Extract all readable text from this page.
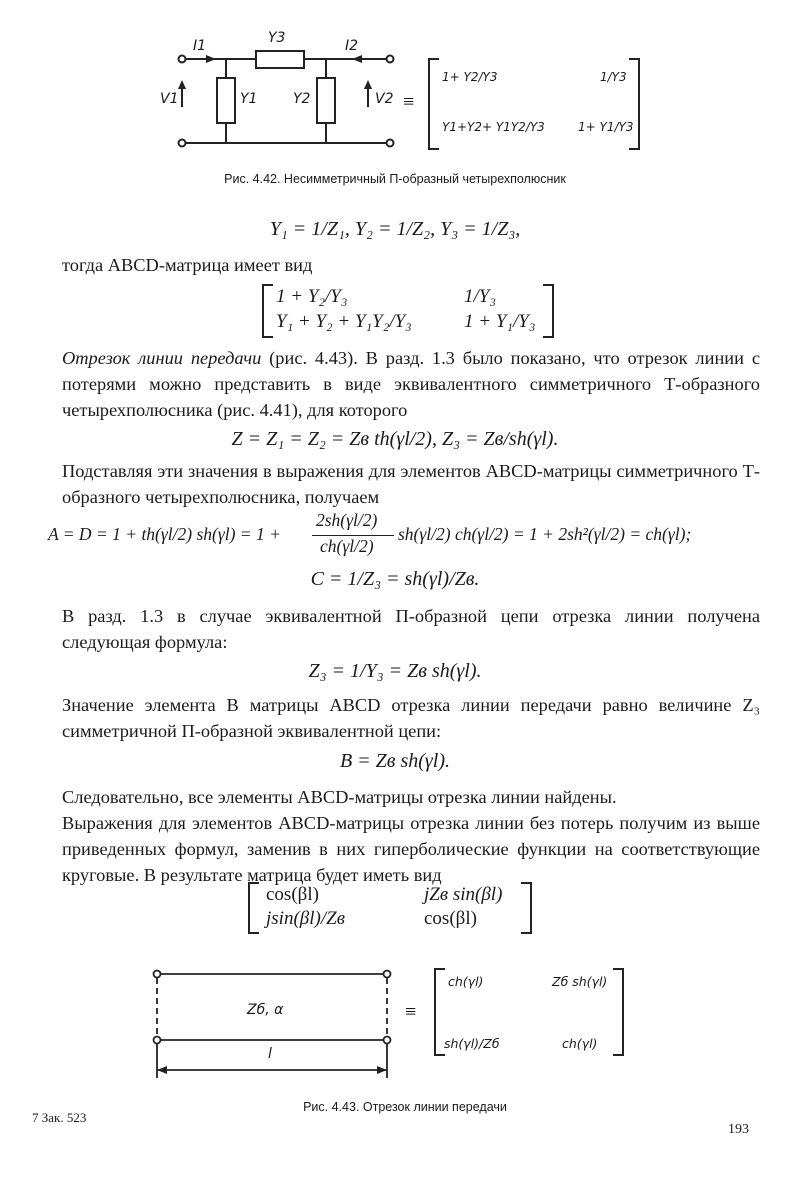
I1	Y3	I2
V1	Y1	Y2	V2 ≡
1+ Y2/Y3	1/Y3
Y1+Y2+ Y1Y2/Y3	1+ Y1/Y3
Рис. 4.42. Несимметричный П-образный четырехполюсник
Y₁ = 1/Z₁, Y₂ = 1/Z₂, Y₃ = 1/Z₃,

тогда ABCD-матрица имеет вид

1 + Y₂/Y₃	1/Y₃
Y₁ + Y₂ + Y₁Y₂/Y₃	1 + Y₁/Y₃

Отрезок линии передачи (рис. 4.43). В разд. 1.3 было показано, что отрезок линии с потерями можно представить в виде эквивалентного симметричного Т-образного четырехполюсника (рис. 4.41), для которого

Z = Z₁ = Z₂ = Zв th(γl/2), Z₃ = Zв/sh(γl).

Подставляя эти значения в выражения для элементов ABCD-матрицы симметричного Т-образного четырехполюсника, получаем

A = D = 1 + th(γl/2) sh(γl) = 1 +
2sh(γl/2)
ch(γl/2)
sh(γl/2) ch(γl/2) = 1 + 2sh²(γl/2) = ch(γl);
C = 1/Z₃ = sh(γl)/Zв.

В разд. 1.3 в случае эквивалентной П-образной цепи отрезка линии получена следующая формула:

Z₃ = 1/Y₃ = Zв sh(γl).

Значение элемента B матрицы ABCD отрезка линии передачи равно величине Z₃ симметричной П-образной эквивалентной цепи:

B = Zв sh(γl).

Следовательно, все элементы ABCD-матрицы отрезка линии найдены.

Выражения для элементов ABCD-матрицы отрезка линии без потерь получим из выше приведенных формул, заменив в них гиперболические функции на соответствующие круговые. В результате матрица будет иметь вид

cos(βl)	jZв sin(βl)
jsin(βl)/Zв	cos(βl)
Zб, α
l
≡
ch(γl)	Zб sh(γl)
sh(γl)/Zб	ch(γl)
Рис. 4.43. Отрезок линии передачи
7 Зак. 523
193
